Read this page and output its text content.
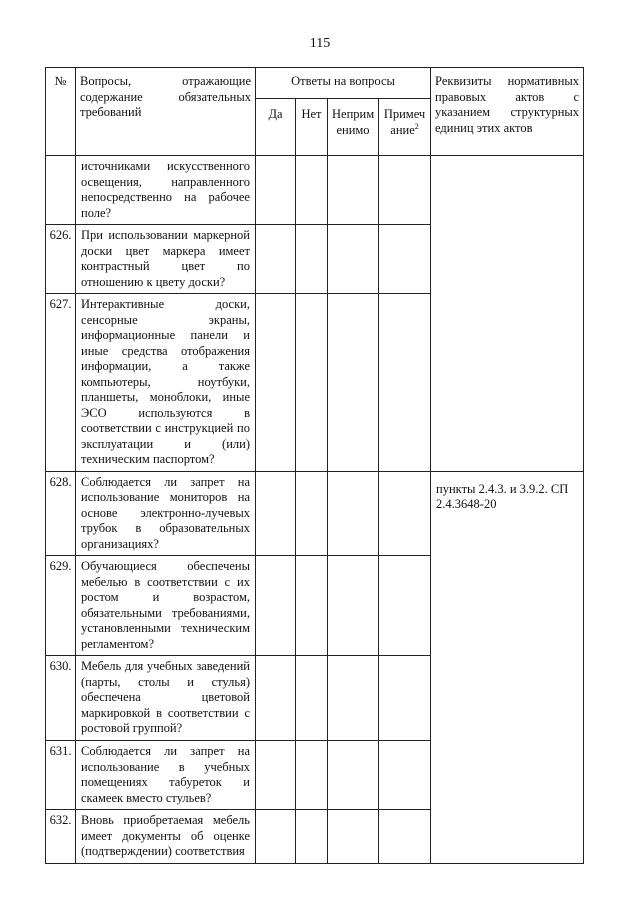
115
№	Вопросы, отражающие содержание обязательных требований	Ответы на вопросы				Реквизиты нормативных правовых актов с указанием структурных единиц этих актов
		Да	Нет	Неприм енимо	Примеч ание$^2$
	источниками искусственного освещения, направленного непосредственно на рабочее поле?					
626.	При использовании маркерной доски цвет маркера имеет контрастный цвет по отношению к цвету доски?					
627.	Интерактивные доски, сенсорные экраны, информационные панели и иные средства отображения информации, а также компьютеры, ноутбуки, планшеты, моноблоки, иные ЭСО используются в соответствии с инструкцией по эксплуатации и (или) техническим паспортом?					
628.	Соблюдается ли запрет на использование мониторов на основе электронно-лучевых трубок в образовательных организациях?					пункты 2.4.3. и 3.9.2. СП 2.4.3648-20
629.	Обучающиеся обеспечены мебелью в соответствии с их ростом и возрастом, обязательными требованиями, установленными техническим регламентом?					
630.	Мебель для учебных заведений (парты, столы и стулья) обеспечена цветовой маркировкой в соответствии с ростовой группой?					
631.	Соблюдается ли запрет на использование в учебных помещениях табуреток и скамеек вместо стульев?					
632.	Вновь приобретаемая мебель имеет документы об оценке (подтверждении) соответствия					
